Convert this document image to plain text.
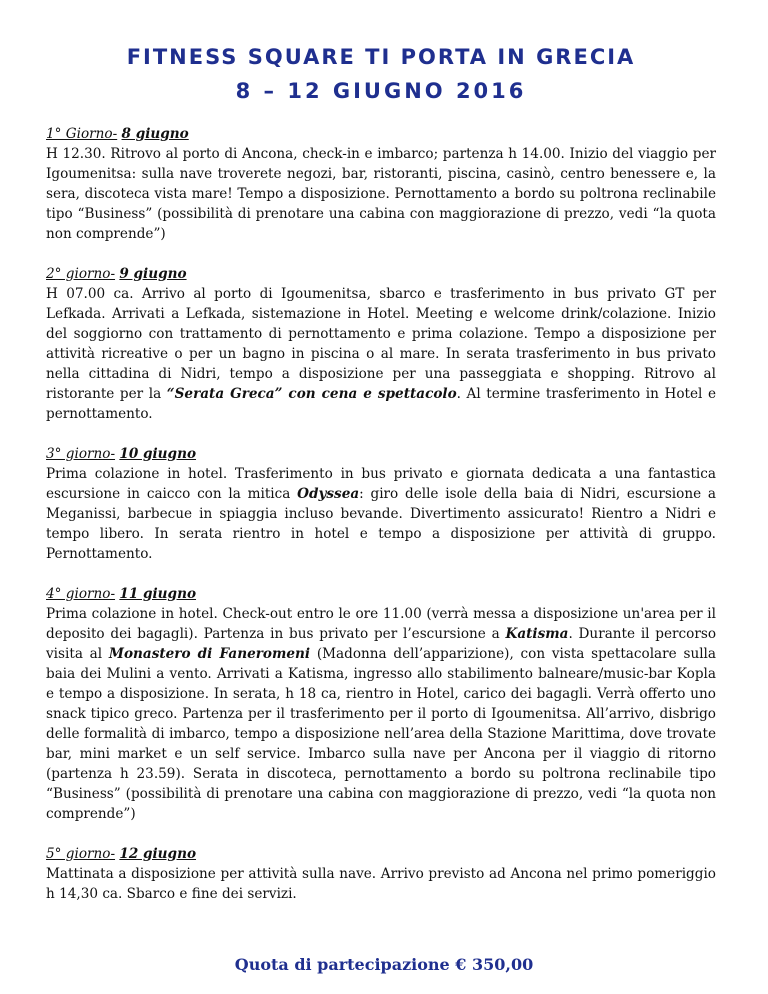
FITNESS SQUARE TI PORTA IN GRECIA
8 – 12 GIUGNO 2016
1° Giorno- 8 giugno

H 12.30. Ritrovo al porto di Ancona, check-in e imbarco; partenza h 14.00. Inizio del viaggio per Igoumenitsa: sulla nave troverete negozi, bar, ristoranti, piscina, casinò, centro benessere e, la sera, discoteca vista mare! Tempo a disposizione. Pernottamento a bordo su poltrona reclinabile tipo “Business” (possibilità di prenotare una cabina con maggiorazione di prezzo, vedi “la quota non comprende”)

2° giorno- 9 giugno

H 07.00 ca. Arrivo al porto di Igoumenitsa, sbarco e trasferimento in bus privato GT per Lefkada. Arrivati a Lefkada, sistemazione in Hotel. Meeting e welcome drink/colazione. Inizio del soggiorno con trattamento di pernottamento e prima colazione. Tempo a disposizione per attività ricreative o per un bagno in piscina o al mare. In serata trasferimento in bus privato nella cittadina di Nidri, tempo a disposizione per una passeggiata e shopping. Ritrovo al ristorante per la “Serata Greca” con cena e spettacolo. Al termine trasferimento in Hotel e pernottamento.

3° giorno- 10 giugno

Prima colazione in hotel. Trasferimento in bus privato e giornata dedicata a una fantastica escursione in caicco con la mitica Odyssea: giro delle isole della baia di Nidri, escursione a Meganissi, barbecue in spiaggia incluso bevande. Divertimento assicurato! Rientro a Nidri e tempo libero. In serata rientro in hotel e tempo a disposizione per attività di gruppo. Pernottamento.

4° giorno- 11 giugno

Prima colazione in hotel. Check-out entro le ore 11.00 (verrà messa a disposizione un'area per il deposito dei bagagli). Partenza in bus privato per l’escursione a Katisma. Durante il percorso visita al Monastero di Faneromeni (Madonna dell’apparizione), con vista spettacolare sulla baia dei Mulini a vento. Arrivati a Katisma, ingresso allo stabilimento balneare/music-bar Kopla e tempo a disposizione. In serata, h 18 ca, rientro in Hotel, carico dei bagagli. Verrà offerto uno snack tipico greco. Partenza per il trasferimento per il porto di Igoumenitsa. All’arrivo, disbrigo delle formalità di imbarco, tempo a disposizione nell’area della Stazione Marittima, dove trovate bar, mini market e un self service. Imbarco sulla nave per Ancona per il viaggio di ritorno (partenza h 23.59). Serata in discoteca, pernottamento a bordo su poltrona reclinabile tipo “Business” (possibilità di prenotare una cabina con maggiorazione di prezzo, vedi “la quota non comprende”)

5° giorno- 12 giugno

Mattinata a disposizione per attività sulla nave. Arrivo previsto ad Ancona nel primo pomeriggio h 14,30 ca. Sbarco e fine dei servizi.

Quota di partecipazione € 350,00
